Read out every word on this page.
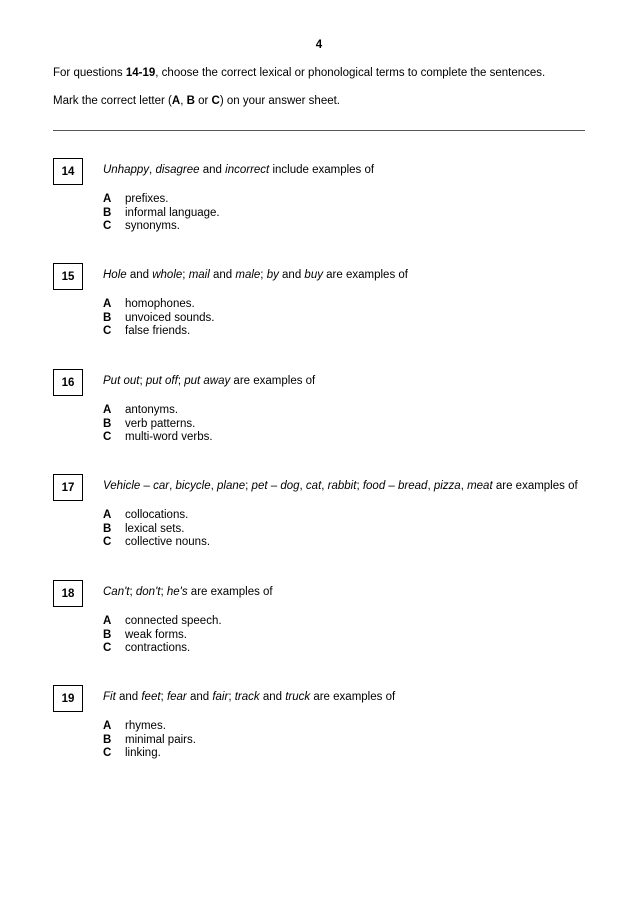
4
For questions 14-19, choose the correct lexical or phonological terms to complete the sentences.
Mark the correct letter (A, B or C) on your answer sheet.
14	Unhappy, disagree and incorrect include examples of
A prefixes.
B informal language.
C synonyms.
15	Hole and whole; mail and male; by and buy are examples of
A homophones.
B unvoiced sounds.
C false friends.
16	Put out; put off; put away are examples of
A antonyms.
B verb patterns.
C multi-word verbs.
17	Vehicle – car, bicycle, plane; pet – dog, cat, rabbit; food – bread, pizza, meat are examples of
A collocations.
B lexical sets.
C collective nouns.
18	Can't; don't; he's are examples of
A connected speech.
B weak forms.
C contractions.
19	Fit and feet; fear and fair; track and truck are examples of
A rhymes.
B minimal pairs.
C linking.
